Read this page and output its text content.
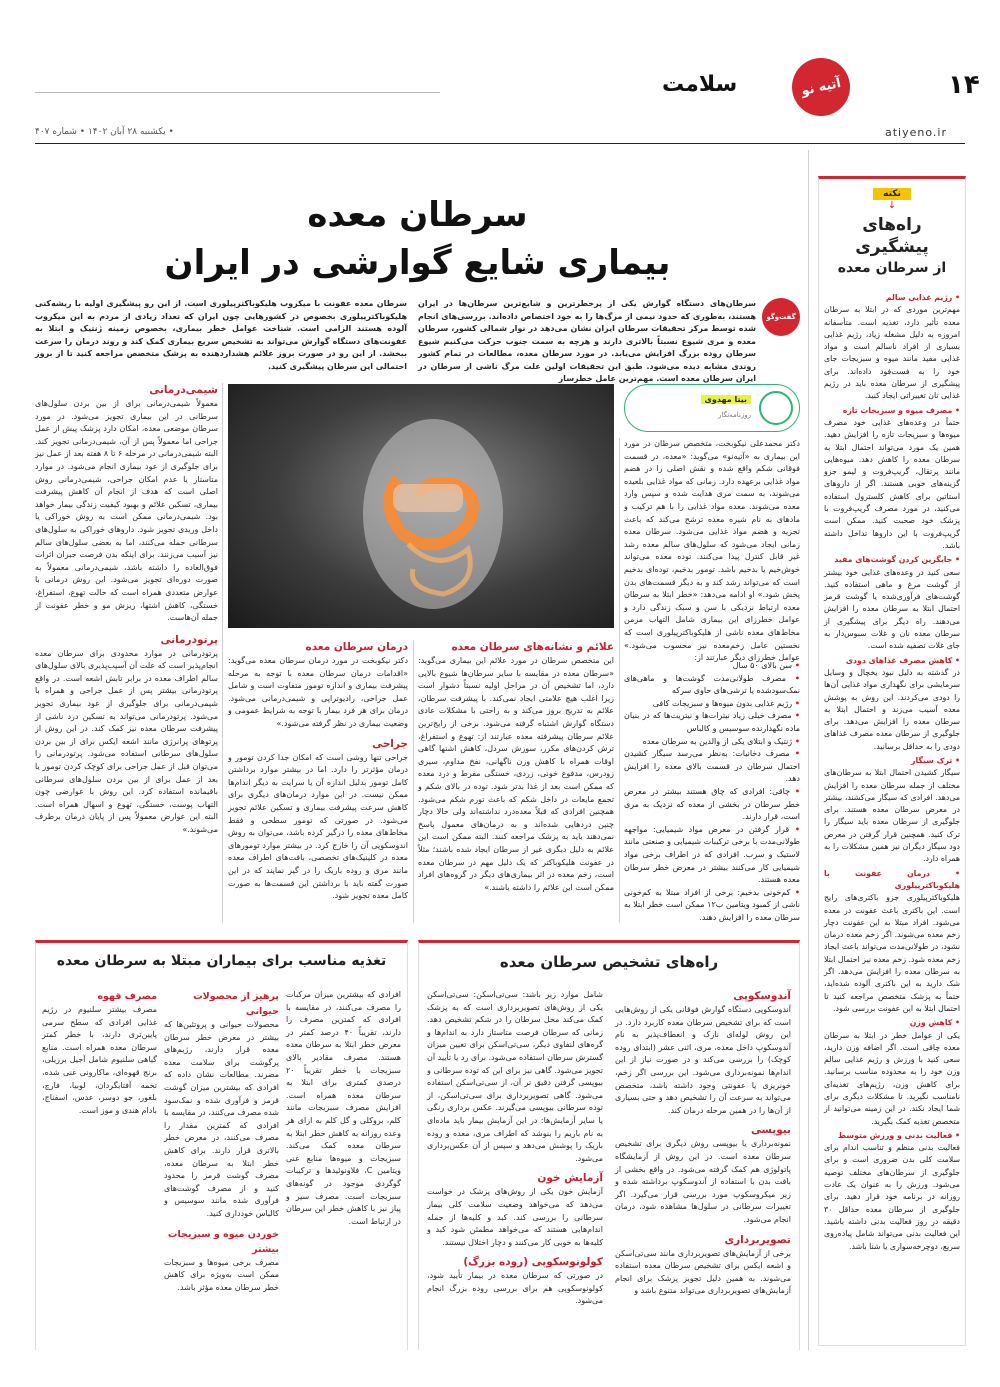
۱۴
آتیه نو
سلامت
atiyeno.ir
• یکشنبه ۲۸ آبان ۱۴۰۲ • شماره ۴۰۷
نکته
↓
راه‌های پیشگیری
از سرطان معده
• رژیم غذایی سالم
مهم‌ترین موردی که در ابتلا به سرطان معده تأثیر دارد، تغذیه است. متأسفانه امروزه به دلیل مشغله زیاد، رژیم غذایی بسیاری از افراد ناسالم است و مواد غذایی مفید مانند میوه و سبزیجات جای خود را به فست‌فود داده‌اند. برای پیشگیری از سرطان معده باید در رژیم غذایی تان تغییراتی ایجاد کنید.
• مصرف میوه و سبزیجات تازه
حتماً در وعده‌های غذایی خود مصرف میوه‌ها و سبزیجات تازه را افزایش دهید. همین یک مورد می‌تواند احتمال ابتلا به سرطان معده را کاهش دهد. میوه‌هایی مانند پرتقال، گریپ‌فروت و لیمو جزو گزینه‌های خوبی هستند. اگر از داروهای استاتین برای کاهش کلسترول استفاده می‌کنید، در مورد مصرف گریپ‌فروت با پزشک خود صحبت کنید. ممکن است گریپ‌فروت با این داروها تداخل داشته باشد.
• جایگزین کردن گوشت‌های مفید
سعی کنید در وعده‌های غذایی خود بیشتر از گوشت مرغ و ماهی استفاده کنید. گوشت‌های فرآوری‌شده یا گوشت قرمز احتمال ابتلا به سرطان معده را افزایش می‌دهند. راه دیگر برای پیشگیری از سرطان معده نان و غلات سبوس‌دار به جای غلات تصفیه شده است.
• کاهش مصرف غذاهای دودی
در گذشته به دلیل نبود یخچال و وسایل سرمایشی برای نگهداری مواد غذایی آن‌ها را دودی می‌کردند. این روش به پوشش معده آسیب می‌زند و احتمال ابتلا به سرطان معده را افزایش می‌دهد. برای جلوگیری از سرطان معده مصرف غذاهای دودی را به حداقل برسانید.
• ترک سیگار
سیگار کشیدن احتمال ابتلا به سرطان‌های مختلف از جمله سرطان معده را افزایش می‌دهد. افرادی که سیگار می‌کشند، بیشتر در معرض سرطان معده هستند. برای جلوگیری از سرطان معده باید سیگار را ترک کنید. همچنین قرار گرفتن در معرض دود سیگار دیگران نیز همین مشکلات را به همراه دارد.
• درمان عفونت با هلیکوباکترپیلوری
هلیکوباکترپیلوری جزو باکتری‌های رایج است. این باکتری باعث عفونت در معده می‌شود. افراد مبتلا به این عفونت دچار زخم معده می‌شوند. اگر زخم معده درمان نشود، در طولانی‌مدت می‌تواند باعث ایجاد زخم معده شود. زخم معده نیز احتمال ابتلا به سرطان معده را افزایش می‌دهد. اگر شک دارید به این باکتری آلوده شده‌اید، حتماً به پزشک متخصص مراجعه کنید تا احتمال ابتلا به این عفونت بررسی شود.
• کاهش وزن
یکی از عوامل خطر در ابتلا به سرطان معده چاقی است. اگر اضافه وزن دارید، سعی کنید با ورزش و رژیم غذایی سالم وزن خود را به محدوده مناسب برسانید. برای کاهش وزن، رژیم‌های تغذیه‌ای نامناسب نگیرید. تا مشکلات دیگری برای شما ایجاد نکند. در این زمینه می‌توانید از متخصص تغذیه کمک بگیرید.
• فعالیت بدنی و ورزش متوسط
فعالیت بدنی منظم و تناسب اندام برای سلامت کلی بدن ضروری است و برای جلوگیری از سرطان‌های مختلف توصیه می‌شود. ورزش را به عنوان یک عادت روزانه در برنامه خود قرار دهید. برای جلوگیری از سرطان معده حداقل ۳۰ دقیقه در روز فعالیت بدنی داشته باشید. این فعالیت بدنی می‌تواند شامل پیاده‌روی سریع، دوچرخه‌سواری یا شنا باشد.
سرطان معده
بیماری شایع گوارشی در ایران
گفت‌وگو
سرطان‌های دستگاه گوارش یکی از پرخطرترین و شایع‌ترین سرطان‌ها در ایران هستند، به‌طوری که حدود نیمی از مرگ‌ها را به خود اختصاص داده‌اند. بررسی‌های انجام شده توسط مرکز تحقیقات سرطان ایران نشان می‌دهد در نوار شمالی کشور، سرطان معده و مری شیوع نسبتاً بالاتری دارند و هرچه به سمت جنوب حرکت می‌کنیم شیوع سرطان روده بزرگ افزایش می‌یابد. در مورد سرطان معده، مطالعات در تمام کشور روندی مشابه دیده می‌شود. طبق این تحقیقات اولین علت مرگ ناشی از سرطان در ایران سرطان معده است. مهم‌ترین عامل خطرساز
سرطان معده عفونت با میکروب هلیکوباکترپیلوری است. از این رو پیشگیری اولیه با ریشه‌کنی هلیکوباکترپیلوری بخصوص در کشورهایی چون ایران که تعداد زیادی از مردم به این میکروب آلوده هستند الزامی است. شناخت عوامل خطر بیماری، بخصوص زمینه ژنتیک و ابتلا به عفونت‌های دستگاه گوارش می‌تواند به تشخیص سریع بیماری کمک کند و روند درمان را سرعت ببخشد. از این رو در صورت بروز علائم هشداردهنده به پزشک متخصص مراجعه کنید تا از بروز احتمالی این سرطان پیشگیری کنید.
بیتا مهدوی
روزنامه‌نگار
دکتر محمدعلی نیکوبخت، متخصص سرطان در مورد این بیماری به «آتیه‌نو» می‌گوید: «معده، در قسمت فوقانی شکم واقع شده و نقش اصلی را در هضم مواد غذایی برعهده دارد. زمانی که مواد غذایی بلعیده می‌شوند، به سمت مری هدایت شده و سپس وارد معده می‌شوند. معده مواد غذایی را با هم ترکیب و مادهای به نام شیره معده ترشح می‌کند که باعث تجزیه و هضم مواد غذایی می‌شود. سرطان معده زمانی ایجاد می‌شود که سلول‌های سالم معده رشد غیر قابل کنترل پیدا می‌کنند. توده معده می‌تواند خوش‌خیم یا بدخیم باشد. تومور بدخیم، توده‌ای بدخیم است که می‌تواند رشد کند و به دیگر قسمت‌های بدن پخش شود.» او ادامه می‌دهد: «خطر ابتلا به سرطان معده ارتباط نزدیکی با سن و سبک زندگی دارد و عوامل خطرزای این بیماری شامل التهاب مزمن مخاط‌های معده ناشی از هلیکوباکترپیلوری است که نخستین عامل زخم‌معده نیز محسوب می‌شود.» عوامل خطرزای دیگر عبارتند از:
• سن بالای ۵۰ سال
• مصرف طولانی‌مدت گوشت‌ها و ماهی‌های نمک‌سود‌شده یا ترشی‌های حاوی سرکه
• رژیم غذایی بدون میوه‌ها و سبزیجات کافی
• مصرف خیلی زیاد نیترات‌ها و نیتریت‌ها که در بنیان ماده نگهدارنده سوسیس و کالباس
• ژنتیک و ابتلای یکی از والدین به سرطان معده
• مصرف دخانیات: به‌نظر می‌رسد سیگار کشیدن احتمال سرطان در قسمت بالای معده را افزایش دهد.
• چاقی: افرادی که چاق هستند بیشتر در معرض خطر سرطان در بخشی از معده که نزدیک به مری است، قرار دارند.
• قرار گرفتن در معرض مواد شیمیایی: مواجهه طولانی‌مدت با برخی ترکیبات شیمیایی و صنعتی مانند لاستیک و سرب. افرادی که در اطراف برخی مواد شیمیایی کار می‌کنند بیشتر در معرض خطر سرطان معده هستند.
• کم‌خونی بدخیم: برخی از افراد مبتلا به کم‌خونی ناشی از کمبود ویتامین ب۱۲ ممکن است خطر ابتلا به سرطان معده را افزایش دهند.
علائم و نشانه‌های سرطان معده
این متخصص سرطان در مورد علائم این بیماری می‌گوید: «سرطان معده در مقایسه با سایر سرطان‌ها شیوع بالایی دارد، اما تشخیص آن در مراحل اولیه نسبتاً دشوار است زیرا اغلب هیچ علامتی ایجاد نمی‌کند. با پیشرفت سرطان، علائم به تدریج بروز می‌کند و به راحتی با مشکلات عادی دستگاه گوارش اشتباه گرفته می‌شود. برخی از رایج‌ترین علائم سرطان پیشرفته معده عبارتند از: تهوع و استفراغ، ترش کردن‌های مکرر، سوزش سردل، کاهش اشتها گاهی اوقات همراه با کاهش وزن ناگهانی، نفخ مداوم، سیری زودرس، مدفوع خونی، زردی، خستگی مفرط و درد معده که ممکن است بعد از غذا بدتر شود. توده در بالای شکم و تجمع مایعات در داخل شکم که باعث تورم شکم می‌شود. همچنین افرادی که قبلاً معده‌درد نداشته‌اند ولی حالا دچار چنین دردهایی شده‌اند و به درمان‌های معمول پاسخ نمی‌دهند باید به پزشک مراجعه کنند. البته ممکن است این علائم به دلیل دیگری غیر از سرطان ایجاد شده باشند؛ مثلاً در عفونت هلیکوباکتر که یک دلیل مهم در سرطان معده است، زخم معده در اثر بیماری‌های دیگر در گروه‌های افراد ممکن است این علائم را داشته باشند.»
درمان سرطان معده
دکتر نیکوبخت در مورد درمان سرطان معده می‌گوید: «اقدامات درمان سرطان معده با توجه به مرحله پیشرفت بیماری و اندازه تومور متفاوت است و شامل عمل جراحی، رادیوتراپی و شیمی‌درمانی می‌شود. درمان برای هر فرد بیمار با توجه به شرایط عمومی و وضعیت بیماری در نظر گرفته می‌شود.»
جراحی
جراحی تنها روشی است که امکان جدا کردن تومور و درمان مؤثرتر را دارد. اما در بیشتر موارد برداشتن کامل تومور بدلیل اندازه آن یا سرایت به دیگر اندام‌ها ممکن نیست. در این موارد درمان‌های دیگری برای کاهش سرعت پیشرفت بیماری و تسکین علائم تجویز می‌شود. در صورتی که تومور سطحی و فقط مخاط‌های معده را درگیر کرده باشد، می‌توان به روش اندوسکوپی آن را خارج کرد. در بیشتر موارد تومورهای معده در کلینیک‌های تخصصی، بافت‌های اطراف معده مانند مری و روده باریک را در گیر نمایند که در این صورت گفته باید با برداشتن این قسمت‌ها به صورت کامل معده تجویز شود.
شیمی‌درمانی
معمولاً شیمی‌درمانی برای از بین بردن سلول‌های سرطانی در این بیماری تجویز می‌شود. در مورد سرطان موضعی معده، امکان دارد پزشک پیش از عمل جراحی اما معمولاً پس از آن، شیمی‌درمانی تجویز کند. البته شیمی‌درمانی در مرحله ۶ تا ۸ هفته بعد از عمل نیز برای جلوگیری از عود بیماری انجام می‌شود. در موارد متاستاز یا عدم امکان جراحی، شیمی‌درمانی روش اصلی است که هدف از انجام آن کاهش پیشرفت بیماری، تسکین علائم و بهبود کیفیت زندگی بیمار خواهد بود. شیمی‌درمانی ممکن است به روش خوراکی یا داخل وریدی تجویز شود. داروهای خوراکی به سلول‌های سرطانی حمله می‌کنند، اما به بعضی سلول‌های سالم نیز آسیب می‌زنند. برای اینکه بدن فرصت جبران اثرات فوق‌العاده را داشته باشد، شیمی‌درمانی معمولاً به صورت دوره‌ای تجویز می‌شود. این روش درمانی با عوارض متعددی همراه است که حالت تهوع، استفراغ، خستگی، کاهش اشتها، ریزش مو و خطر عفونت از جمله آن‌هاست.
پرتودرمانی
پرتودرمانی در موارد محدودی برای سرطان معده انجام‌پذیر است که علت آن آسیب‌پذیری بالای سلول‌های سالم اطراف معده در برابر تابش اشعه است. در واقع پرتودرمانی بیشتر پس از عمل جراحی و همراه با شیمی‌درمانی برای جلوگیری از عود بیماری تجویز می‌شود. پرتودرمانی می‌تواند به تسکین درد ناشی از پیشرفت سرطان معده نیز کمک کند. در این روش از پرتوهای پرانرژی مانند اشعه ایکس برای از بین بردن سلول‌های سرطانی استفاده می‌شود. پرتودرمانی را می‌توان قبل از عمل جراحی برای کوچک کردن تومور یا بعد از عمل برای از بین بردن سلول‌های سرطانی باقیمانده استفاده کرد. این روش با عوارضی چون التهاب پوست، خستگی، تهوع و اسهال همراه است. البته این عوارض معمولاً پس از پایان درمان برطرف می‌شوند.»
راه‌های تشخیص سرطان معده
آندوسکوپی
آندوسکوپی دستگاه گوارش فوقانی یکی از روش‌هایی است که برای تشخیص سرطان معده کاربرد دارد. در این روش لوله‌ای نازک و انعطاف‌پذیر به نام آندوسکوپ داخل معده، مری، اثنی عشر (ابتدای روده کوچک) را بررسی می‌کند و در صورت نیاز از این اندام‌ها نمونه‌برداری می‌شود. این بررسی اگر زخم، خونریزی یا عفونتی وجود داشته باشد، متخصص می‌تواند به سرعت آن را تشخیص دهد و حتی بسیاری از آن‌ها را در همین مرحله درمان کند.
بیوپسی
نمونه‌برداری یا بیوپسی روش دیگری برای تشخیص سرطان معده است. در این روش از آزمایشگاه پاتولوژی هم کمک گرفته می‌شود. در واقع بخشی از بافت بدن با استفاده از آندوسکوپ برداشته شده و زیر میکروسکوپ مورد بررسی قرار می‌گیرد. اگر تغییرات سرطانی در سلول‌ها مشاهده شود، درمان انجام می‌شود.
تصویربرداری
برخی از آزمایش‌های تصویربرداری مانند سی‌تی‌اسکن و اشعه ایکس برای تشخیص سرطان معده استفاده می‌شوند. به همین دلیل تجویز پزشک برای انجام آزمایش‌های تصویربرداری می‌تواند متنوع باشد و
شامل موارد زیر باشد: سی‌تی‌اسکن: سی‌تی‌اسکن یکی از روش‌های تصویربرداری است که به پزشک کمک می‌کند محل سرطان را در شکم تشخیص دهد. زمانی که سرطان فرصت متاستاز دارد به اندام‌ها و گره‌های لنفاوی دیگر، سی‌تی‌اسکن برای تعیین میزان گسترش سرطان استفاده می‌شود. برای رد یا تأیید آن تجویز می‌شود. گاهی نیز برای این که توده سرطانی و بیوپسی گرفتن دقیق تر آن، از سی‌تی‌اسکن استفاده می‌شود. گاهی تصویربرداری برای سی‌تی‌اسکن، از توده سرطانی بیوپسی می‌گیرند. عکس برداری رنگی یا سایر آزمایش‌ها: در این آزمایش بیمار باید ماده‌ای به نام باریم را بنوشد که اطراف مری، معده و روده باریک را پوشش می‌دهد و سپس از آن عکس‌برداری می‌شود.
آزمایش خون
آزمایش خون یکی از روش‌های پزشک در خواست می‌دهد که می‌خواهد وضعیت سلامت کلی بیمار سرطانی را بررسی کند. کبد و کلیه‌ها از جمله اندام‌هایی هستند که می‌خواهد مطمئن شود کبد و کلیه‌ها به خوبی کار می‌کنند و دچار اختلال نیستند.
کولونوسکوپی (روده بزرگ)
در صورتی که سرطان معده در بیمار تأیید شود، کولونوسکوپی هم برای بررسی روده بزرگ انجام می‌شود.
تغذیه مناسب برای بیماران مبتلا به سرطان معده
افرادی که بیشترین میزان مرکبات را مصرف می‌کنند، در مقایسه با افرادی که کمترین مصرف را دارند، تقریباً ۴۰ درصد کمتر در معرض خطر ابتلا به سرطان معده هستند. مصرف مقادیر بالای سبزیجات با خطر تقریباً ۲۰ درصدی کمتری برای ابتلا به سرطان معده همراه است. افزایش مصرف سبزیجات مانند کلم، بروکلی و گل کلم به ازای هر وعده روزانه به کاهش خطر ابتلا به سرطان معده کمک می‌کند. سبزیجات و میوه‌ها منابع غنی ویتامین C، فلاونوئیدها و ترکیبات گوگردی موجود در گونه‌های سبزیجات است. مصرف سیر و پیاز نیز با کاهش خطر این سرطان در ارتباط است.
پرهیز از محصولات حیوانی
محصولات حیوانی و پروتئین‌ها که بیشتر در معرض خطر سرطان معده قرار دارند، رژیم‌های پرگوشت برای سلامت معده مضرند. مطالعات نشان داده که افرادی که بیشترین میزان گوشت قرمز و فرآوری شده و نمک‌سود شده مصرف می‌کنند، در مقایسه با افرادی که کمترین مقدار را مصرف می‌کنند، در معرض خطر بالاتری قرار دارند. برای کاهش خطر ابتلا به سرطان معده، مصرف گوشت قرمز را محدود کنید و از مصرف گوشت‌های فرآوری شده مانند سوسیس و کالباس خودداری کنید.
خوردن میوه و سبزیجات بیشتر
مصرف برخی میوه‌ها و سبزیجات ممکن است به‌ویژه برای کاهش خطر سرطان معده مؤثر باشد.
مصرف قهوه
مصرف بیشتر سلنیوم در رژیم غذایی افرادی که سطح سرمی پایین‌تری دارند، با خطر کمتر سرطان معده همراه است. منابع گیاهی سلنیوم شامل آجیل برزیلی، برنج قهوه‌ای، ماکارونی غنی شده، تخمه آفتابگردان، لوبیا، فارچ، بلغور، جو دوسر، عدس، اسفناج، بادام هندی و موز است.
